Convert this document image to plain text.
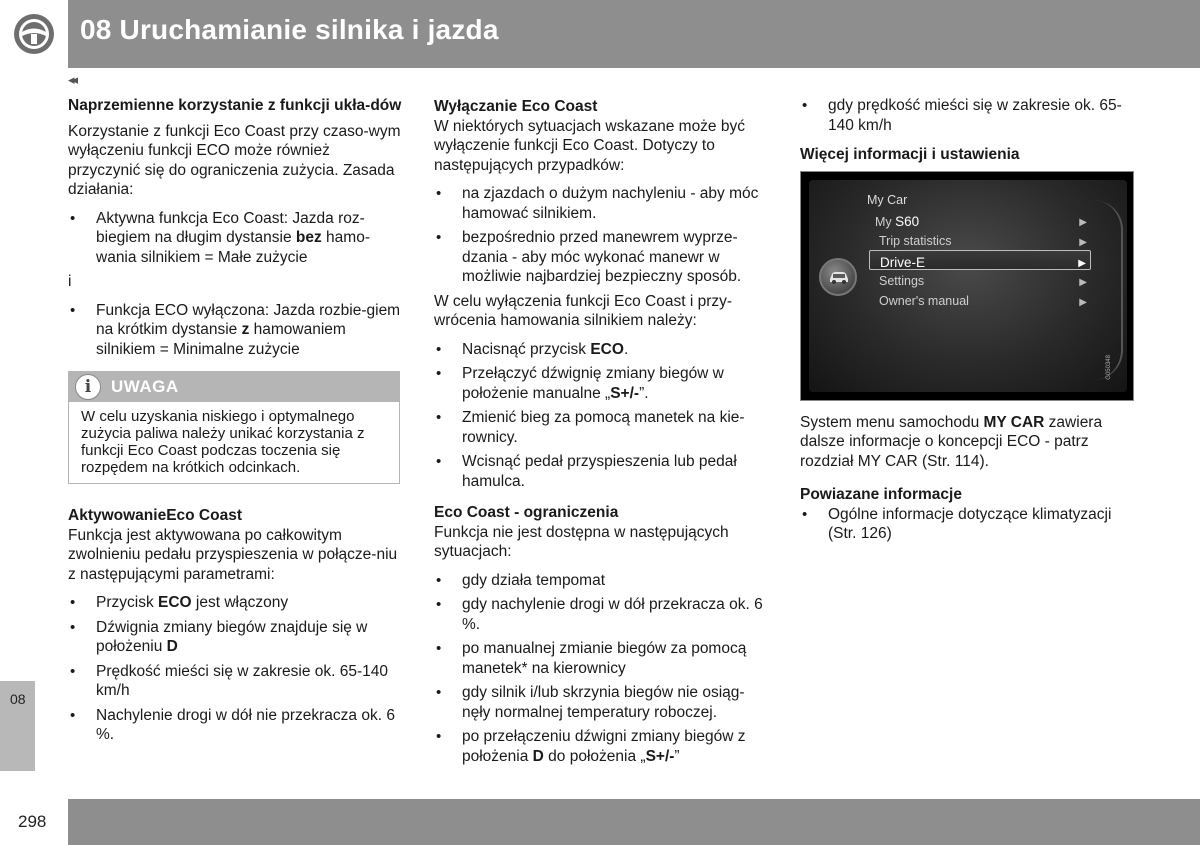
08 Uruchamianie silnika i jazda
◂◂
08
298
Naprzemienne korzystanie z funkcji ukła-dów

Korzystanie z funkcji Eco Coast przy czaso-wym wyłączeniu funkcji ECO może również przyczynić się do ograniczenia zużycia. Zasada działania:

• Aktywna funkcja Eco Coast: Jazda roz-biegiem na długim dystansie bez hamo-wania silnikiem = Małe zużycie

i

• Funkcja ECO wyłączona: Jazda rozbie-giem na krótkim dystansie z hamowaniem silnikiem = Minimalne zużycie
i	UWAGA
W celu uzyskania niskiego i optymalnego zużycia paliwa należy unikać korzystania z funkcji Eco Coast podczas toczenia się rozpędem na krótkich odcinkach.
AktywowanieEco Coast

Funkcja jest aktywowana po całkowitym zwolnieniu pedału przyspieszenia w połącze-niu z następującymi parametrami:

• Przycisk ECO jest włączony
• Dźwignia zmiany biegów znajduje się w położeniu D
• Prędkość mieści się w zakresie ok. 65-140 km/h
• Nachylenie drogi w dół nie przekracza ok. 6 %.
Wyłączanie Eco Coast

W niektórych sytuacjach wskazane może być wyłączenie funkcji Eco Coast. Dotyczy to następujących przypadków:

• na zjazdach o dużym nachyleniu - aby móc hamować silnikiem.
• bezpośrednio przed manewrem wyprze-dzania - aby móc wykonać manewr w możliwie najbardziej bezpieczny sposób.

W celu wyłączenia funkcji Eco Coast i przy-wrócenia hamowania silnikiem należy:

• Nacisnąć przycisk ECO.
• Przełączyć dźwignię zmiany biegów w położenie manualne „S+/-”.
• Zmienić bieg za pomocą manetek na kie-rownicy.
• Wcisnąć pedał przyspieszenia lub pedał hamulca.
Eco Coast - ograniczenia

Funkcja nie jest dostępna w następujących sytuacjach:

• gdy działa tempomat
• gdy nachylenie drogi w dół przekracza ok. 6 %.
• po manualnej zmianie biegów za pomocą manetek* na kierownicy
• gdy silnik i/lub skrzynia biegów nie osiąg-nęły normalnej temperatury roboczej.
• po przełączeniu dźwigni zmiany biegów z położenia D do położenia „S+/-”
• gdy prędkość mieści się w zakresie ok. 65-140 km/h
Więcej informacji i ustawienia
My Car
My S60	▶
Trip statistics	▶
Drive-E	▶
Settings	▶
Owner's manual	▶
G050348

System menu samochodu MY CAR zawiera dalsze informacje o koncepcji ECO - patrz rozdział MY CAR (Str. 114).

Powiazane informacje
• Ogólne informacje dotyczące klimatyzacji (Str. 126)
